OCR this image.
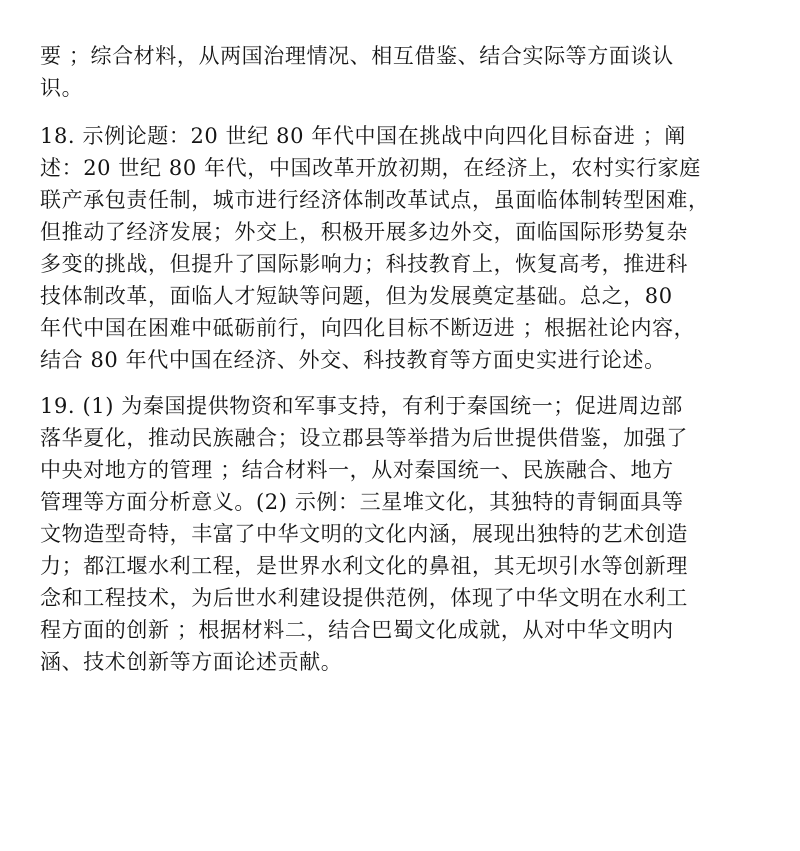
要 ；综合材料，从两国治理情况、相互借鉴、结合实际等方面谈认
识。
18. 示例论题：20 世纪 80 年代中国在挑战中向四化目标奋进 ；阐
述：20 世纪 80 年代，中国改革开放初期，在经济上，农村实行家庭
联产承包责任制，城市进行经济体制改革试点，虽面临体制转型困难，
但推动了经济发展；外交上，积极开展多边外交，面临国际形势复杂
多变的挑战，但提升了国际影响力；科技教育上，恢复高考，推进科
技体制改革，面临人才短缺等问题，但为发展奠定基础。总之，80
年代中国在困难中砥砺前行，向四化目标不断迈进 ；根据社论内容，
结合 80 年代中国在经济、外交、科技教育等方面史实进行论述。
19. (1) 为秦国提供物资和军事支持，有利于秦国统一；促进周边部
落华夏化，推动民族融合；设立郡县等举措为后世提供借鉴，加强了
中央对地方的管理 ；结合材料一，从对秦国统一、民族融合、地方
管理等方面分析意义。(2) 示例：三星堆文化，其独特的青铜面具等
文物造型奇特，丰富了中华文明的文化内涵，展现出独特的艺术创造
力；都江堰水利工程，是世界水利文化的鼻祖，其无坝引水等创新理
念和工程技术，为后世水利建设提供范例，体现了中华文明在水利工
程方面的创新 ；根据材料二，结合巴蜀文化成就，从对中华文明内
涵、技术创新等方面论述贡献。
